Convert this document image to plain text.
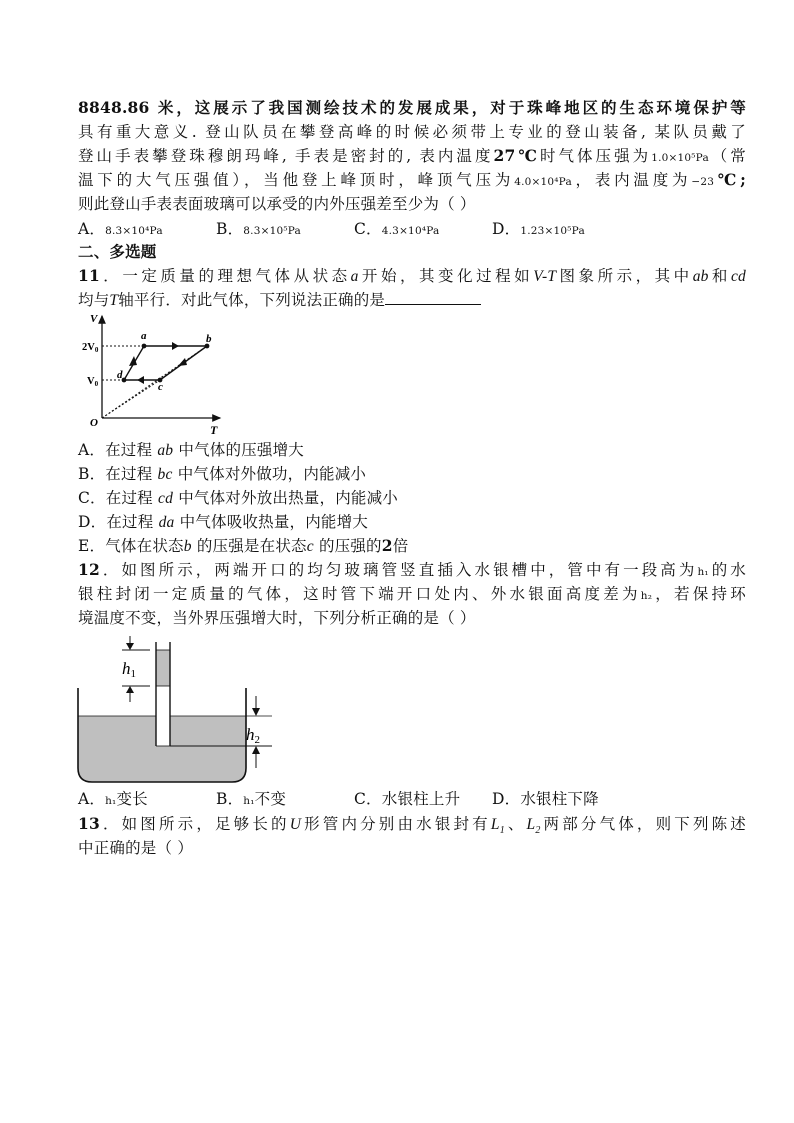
8848.86 米，这展示了我国测绘技术的发展成果，对于珠峰地区的生态环境保护等
具有重大意义. 登山队员在攀登高峰的时候必须带上专业的登山装备, 某队员戴了
登山手表攀登珠穆朗玛峰, 手表是密封的, 表内温度27℃时气体压强为1.0×10⁵Pa（常
温下的大气压强值），当他登上峰顶时，峰顶气压为4.0×10⁴Pa，表内温度为−23℃;
则此登山手表表面玻璃可以承受的内外压强差至少为（ ）
A．8.3×10⁴Pa	B．8.3×10⁵Pa	C．4.3×10⁴Pa	D．1.23×10⁵Pa
二、多选题
11．一定质量的理想气体从状态a开始，其变化过程如V-T图象所示，其中ab和cd
均与T轴平行．对此气体，下列说法正确的是
V
T
O
2V0
V0
a	b
c
d
A．在过程 ab 中气体的压强增大
B．在过程 bc 中气体对外做功，内能减小
C．在过程 cd 中气体对外放出热量，内能减小
D．在过程 da 中气体吸收热量，内能增大
E．气体在状态b 的压强是在状态c 的压强的2倍
12．如图所示，两端开口的均匀玻璃管竖直插入水银槽中，管中有一段高为h₁的水
银柱封闭一定质量的气体，这时管下端开口处内、外水银面高度差为h₂，若保持环
境温度不变，当外界压强增大时，下列分析正确的是（ ）
h1
h2
A．h₁变长	B．h₁不变	C．水银柱上升 D．水银柱下降
13．如图所示，足够长的U形管内分别由水银封有$L_1$、$L_2$两部分气体，则下列陈述
中正确的是（ ）
